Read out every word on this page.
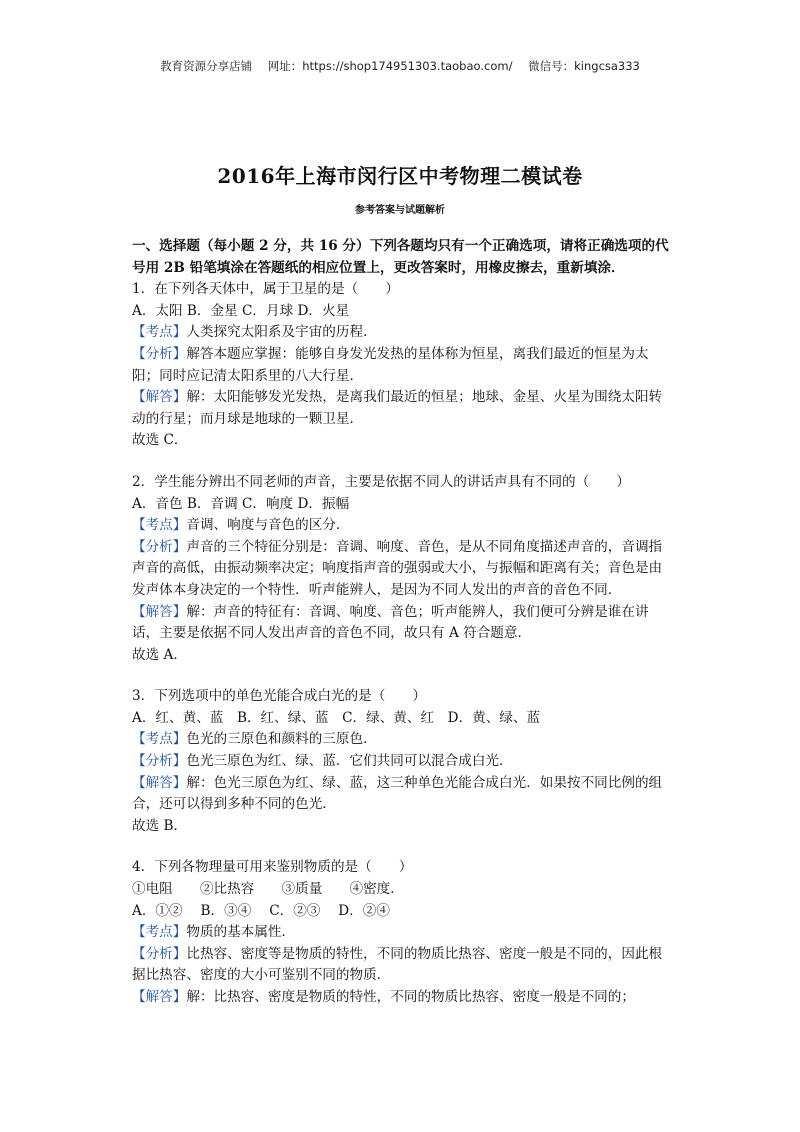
教育资源分享店铺 网址：https://shop174951303.taobao.com/ 微信号：kingcsa333
2016年上海市闵行区中考物理二模试卷
参考答案与试题解析

一、选择题（每小题 2 分，共 16 分）下列各题均只有一个正确选项，请将正确选项的代号用 2B 铅笔填涂在答题纸的相应位置上，更改答案时，用橡皮擦去，重新填涂．

1．在下列各天体中，属于卫星的是（　　）

A．太阳 B．金星 C．月球 D．火星

【考点】人类探究太阳系及宇宙的历程．

【分析】解答本题应掌握：能够自身发光发热的星体称为恒星，离我们最近的恒星为太阳；同时应记清太阳系里的八大行星．

【解答】解：太阳能够发光发热，是离我们最近的恒星；地球、金星、火星为围绕太阳转动的行星；而月球是地球的一颗卫星．

故选 C．

2．学生能分辨出不同老师的声音，主要是依据不同人的讲话声具有不同的（　　）

A．音色 B．音调 C．响度 D．振幅

【考点】音调、响度与音色的区分．

【分析】声音的三个特征分别是：音调、响度、音色，是从不同角度描述声音的，音调指声音的高低，由振动频率决定；响度指声音的强弱或大小，与振幅和距离有关；音色是由发声体本身决定的一个特性．听声能辨人，是因为不同人发出的声音的音色不同．

【解答】解：声音的特征有：音调、响度、音色；听声能辨人，我们便可分辨是谁在讲话，主要是依据不同人发出声音的音色不同，故只有 A 符合题意．

故选 A．

3．下列选项中的单色光能合成白光的是（　　）

A．红、黄、蓝　B．红、绿、蓝　C．绿、黄、红　D．黄、绿、蓝

【考点】色光的三原色和颜料的三原色．

【分析】色光三原色为红、绿、蓝．它们共同可以混合成白光．

【解答】解：色光三原色为红、绿、蓝，这三种单色光能合成白光．如果按不同比例的组合，还可以得到多种不同的色光．

故选 B．

4．下列各物理量可用来鉴别物质的是（　　）

①电阻　　②比热容　　③质量　　④密度．

A．①②　 B．③④　 C．②③　 D．②④

【考点】物质的基本属性．

【分析】比热容、密度等是物质的特性，不同的物质比热容、密度一般是不同的，因此根据比热容、密度的大小可鉴别不同的物质．

【解答】解：比热容、密度是物质的特性，不同的物质比热容、密度一般是不同的；
